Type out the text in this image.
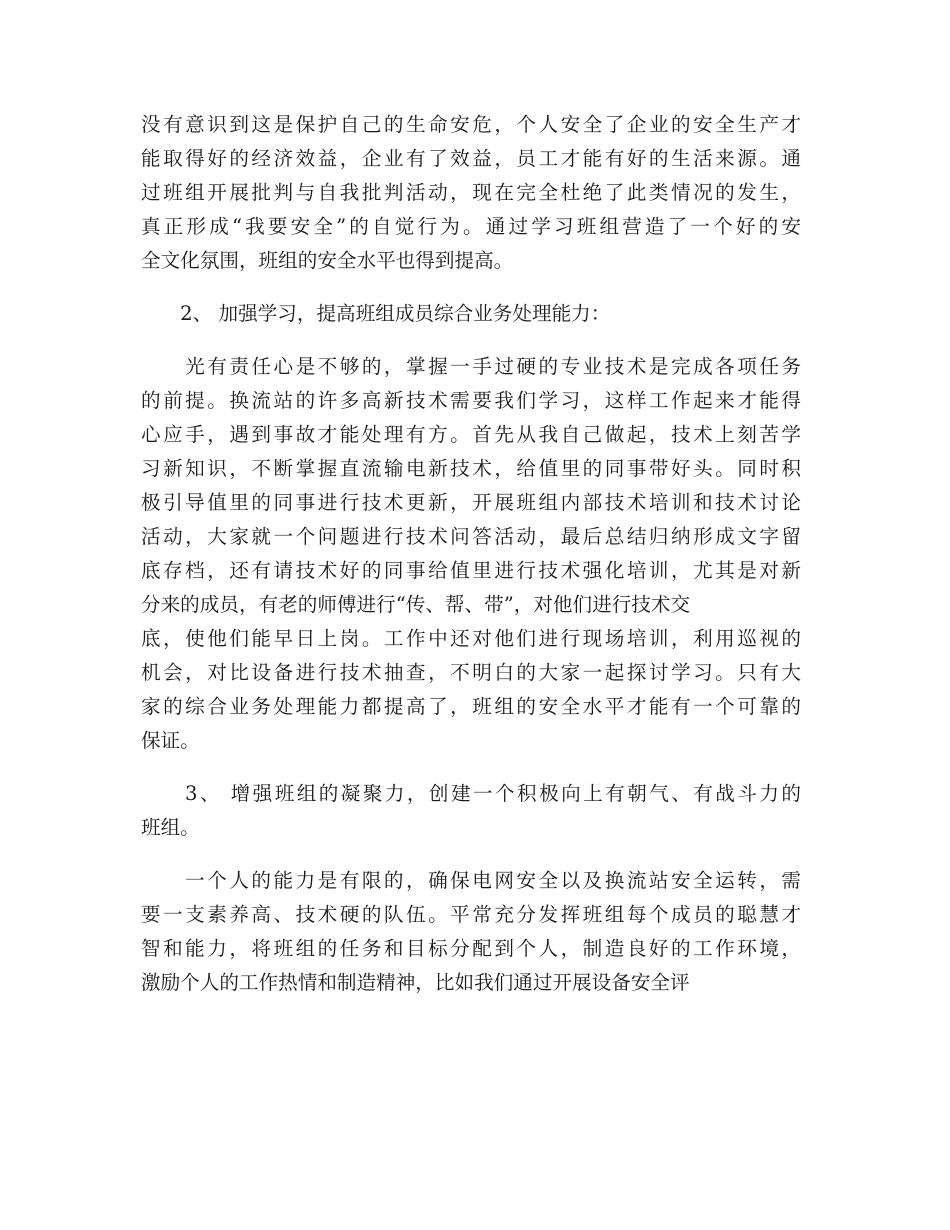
没有意识到这是保护自己的生命安危，个人安全了企业的安全生产才
能取得好的经济效益，企业有了效益，员工才能有好的生活来源。通
过班组开展批判与自我批判活动，现在完全杜绝了此类情况的发生，
真正形成“我要安全”的自觉行为。通过学习班组营造了一个好的安
全文化氛围，班组的安全水平也得到提高。
　　2、 加强学习，提高班组成员综合业务处理能力：
　　光有责任心是不够的，掌握一手过硬的专业技术是完成各项任务
的前提。换流站的许多高新技术需要我们学习，这样工作起来才能得
心应手，遇到事故才能处理有方。首先从我自己做起，技术上刻苦学
习新知识，不断掌握直流输电新技术，给值里的同事带好头。同时积
极引导值里的同事进行技术更新，开展班组内部技术培训和技术讨论
活动，大家就一个问题进行技术问答活动，最后总结归纳形成文字留
底存档，还有请技术好的同事给值里进行技术强化培训，尤其是对新
分来的成员，有老的师傅进行“传、帮、带”，对他们进行技术交
底，使他们能早日上岗。工作中还对他们进行现场培训，利用巡视的
机会，对比设备进行技术抽查，不明白的大家一起探讨学习。只有大
家的综合业务处理能力都提高了，班组的安全水平才能有一个可靠的
保证。
　　3、 增强班组的凝聚力，创建一个积极向上有朝气、有战斗力的
班组。
　　一个人的能力是有限的，确保电网安全以及换流站安全运转，需
要一支素养高、技术硬的队伍。平常充分发挥班组每个成员的聪慧才
智和能力，将班组的任务和目标分配到个人，制造良好的工作环境，
激励个人的工作热情和制造精神，比如我们通过开展设备安全评
